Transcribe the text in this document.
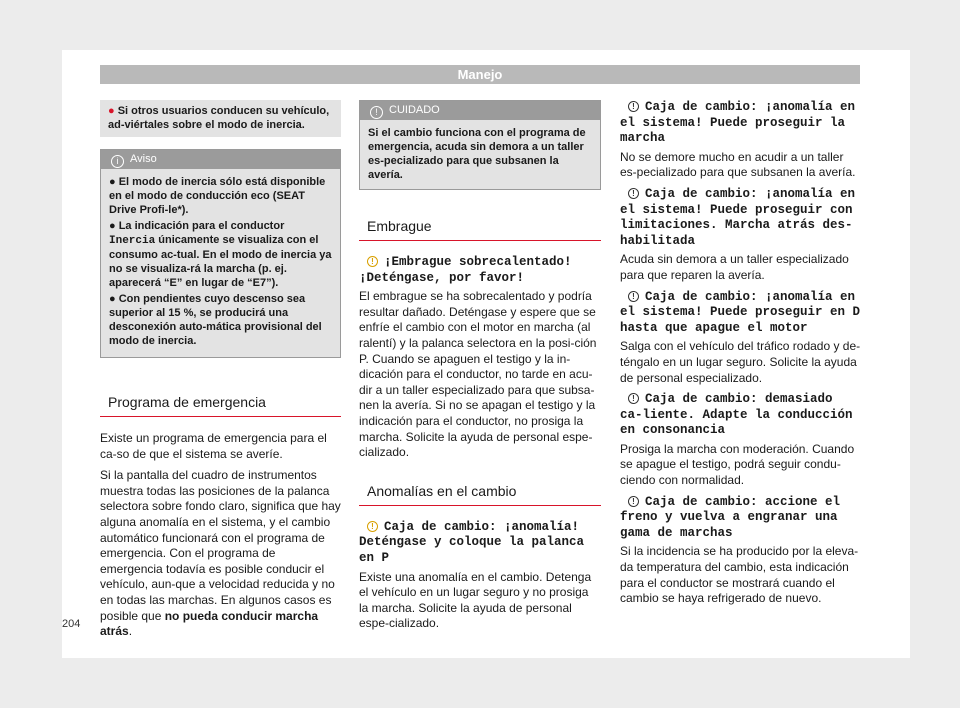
Manejo
● Si otros usuarios conducen su vehículo, ad-viértales sobre el modo de inercia.
i Aviso
● El modo de inercia sólo está disponible en el modo de conducción eco (SEAT Drive Profi-le*).
● La indicación para el conductor Inercia únicamente se visualiza con el consumo ac-tual. En el modo de inercia ya no se visualiza-rá la marcha (p. ej. aparecerá “E” en lugar de “E7”).
● Con pendientes cuyo descenso sea superior al 15 %, se producirá una desconexión auto-mática provisional del modo de inercia.
Programa de emergencia

Existe un programa de emergencia para el ca-so de que el sistema se averíe.

Si la pantalla del cuadro de instrumentos muestra todas las posiciones de la palanca selectora sobre fondo claro, significa que hay alguna anomalía en el sistema, y el cambio automático funcionará con el programa de emergencia. Con el programa de emergencia todavía es posible conducir el vehículo, aun-que a velocidad reducida y no en todas las marchas. En algunos casos es posible que no pueda conducir marcha atrás.

! CUIDADO
Si el cambio funciona con el programa de emergencia, acuda sin demora a un taller es-pecializado para que subsanen la avería.
Embrague
! ¡Embrague sobrecalentado! ¡Deténgase, por favor!

El embrague se ha sobrecalentado y podría resultar dañado. Deténgase y espere que se enfríe el cambio con el motor en marcha (al ralentí) y la palanca selectora en la posi-ción P. Cuando se apaguen el testigo y la in-dicación para el conductor, no tarde en acu-dir a un taller especializado para que subsa-nen la avería. Si no se apagan el testigo y la indicación para el conductor, no prosiga la marcha. Solicite la ayuda de personal espe-cializado.

Anomalías en el cambio
! Caja de cambio: ¡anomalía! Deténgase y coloque la palanca en P

Existe una anomalía en el cambio. Detenga el vehículo en un lugar seguro y no prosiga la marcha. Solicite la ayuda de personal espe-cializado.

! Caja de cambio: ¡anomalía en el sistema! Puede proseguir la marcha

No se demore mucho en acudir a un taller es-pecializado para que subsanen la avería.

! Caja de cambio: ¡anomalía en el sistema! Puede proseguir con limitaciones. Marcha atrás des-habilitada

Acuda sin demora a un taller especializado para que reparen la avería.

! Caja de cambio: ¡anomalía en el sistema! Puede proseguir en D hasta que apague el motor

Salga con el vehículo del tráfico rodado y de-téngalo en un lugar seguro. Solicite la ayuda de personal especializado.

! Caja de cambio: demasiado ca-liente. Adapte la conducción en consonancia

Prosiga la marcha con moderación. Cuando se apague el testigo, podrá seguir condu-ciendo con normalidad.

! Caja de cambio: accione el freno y vuelva a engranar una gama de marchas

Si la incidencia se ha producido por la eleva-da temperatura del cambio, esta indicación para el conductor se mostrará cuando el cambio se haya refrigerado de nuevo.

204
